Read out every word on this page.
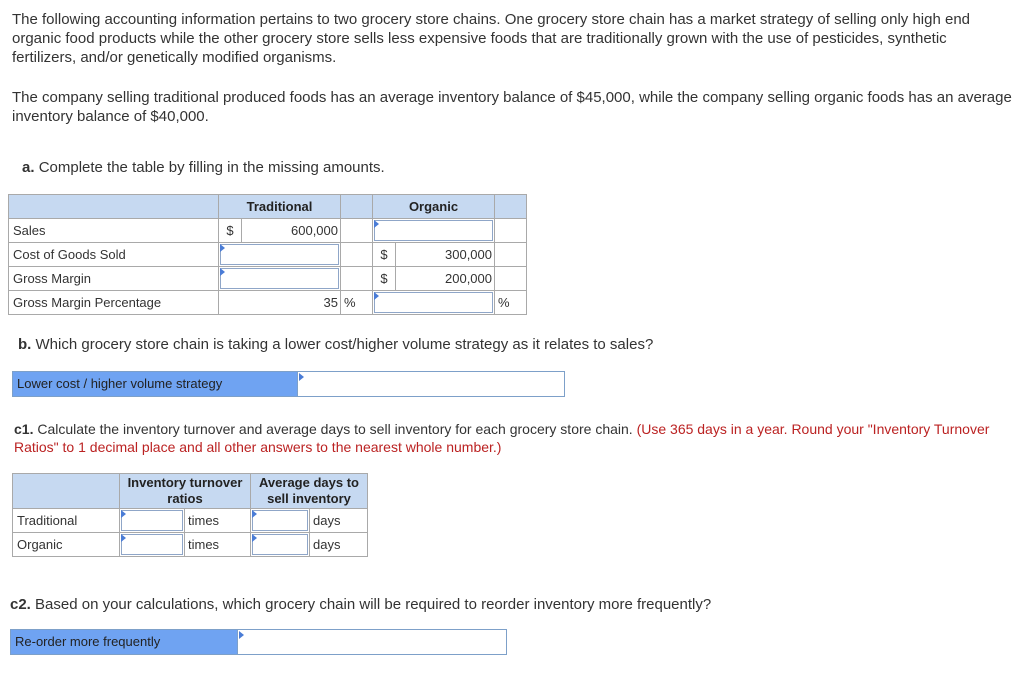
The following accounting information pertains to two grocery store chains. One grocery store chain has a market strategy of selling only high end organic food products while the other grocery store sells less expensive foods that are traditionally grown with the use of pesticides, synthetic fertilizers, and/or genetically modified organisms.
The company selling traditional produced foods has an average inventory balance of $45,000, while the company selling organic foods has an average inventory balance of $40,000.
a. Complete the table by filling in the missing amounts.
	Traditional			Organic		
Sales	$	600,000			

Cost of Goods Sold				$	300,000	
Gross Margin				$	200,000	
Gross Margin Percentage	35		%			%
b. Which grocery store chain is taking a lower cost/higher volume strategy as it relates to sales?
Lower cost / higher volume strategy
c1. Calculate the inventory turnover and average days to sell inventory for each grocery store chain. (Use 365 days in a year. Round your "Inventory Turnover Ratios" to 1 decimal place and all other answers to the nearest whole number.)
	Inventory turnover ratios		Average days to sell inventory	
Traditional		times		days
Organic		times		days
c2. Based on your calculations, which grocery chain will be required to reorder inventory more frequently?
Re-order more frequently
